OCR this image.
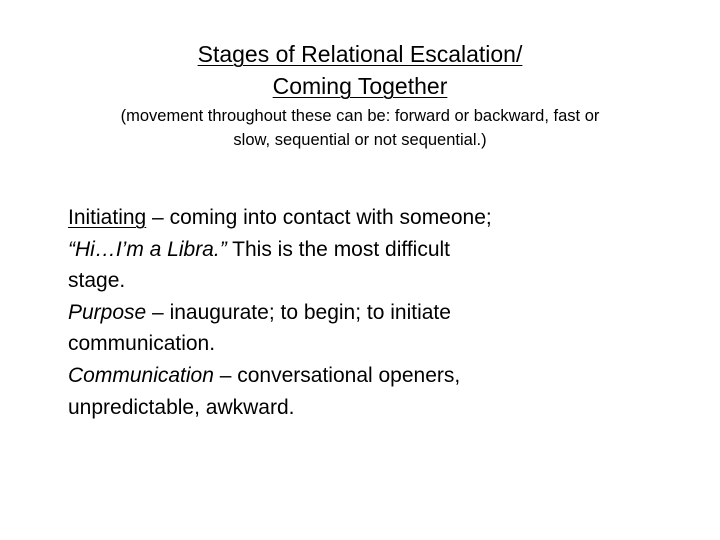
Stages of Relational Escalation/
Coming Together
(movement throughout these can be: forward or backward, fast or
slow, sequential or not sequential.)
Initiating – coming into contact with someone;
“Hi…I’m a Libra.” This is the most difficult
stage.
Purpose – inaugurate; to begin; to initiate
communication.
Communication – conversational openers,
unpredictable, awkward.
